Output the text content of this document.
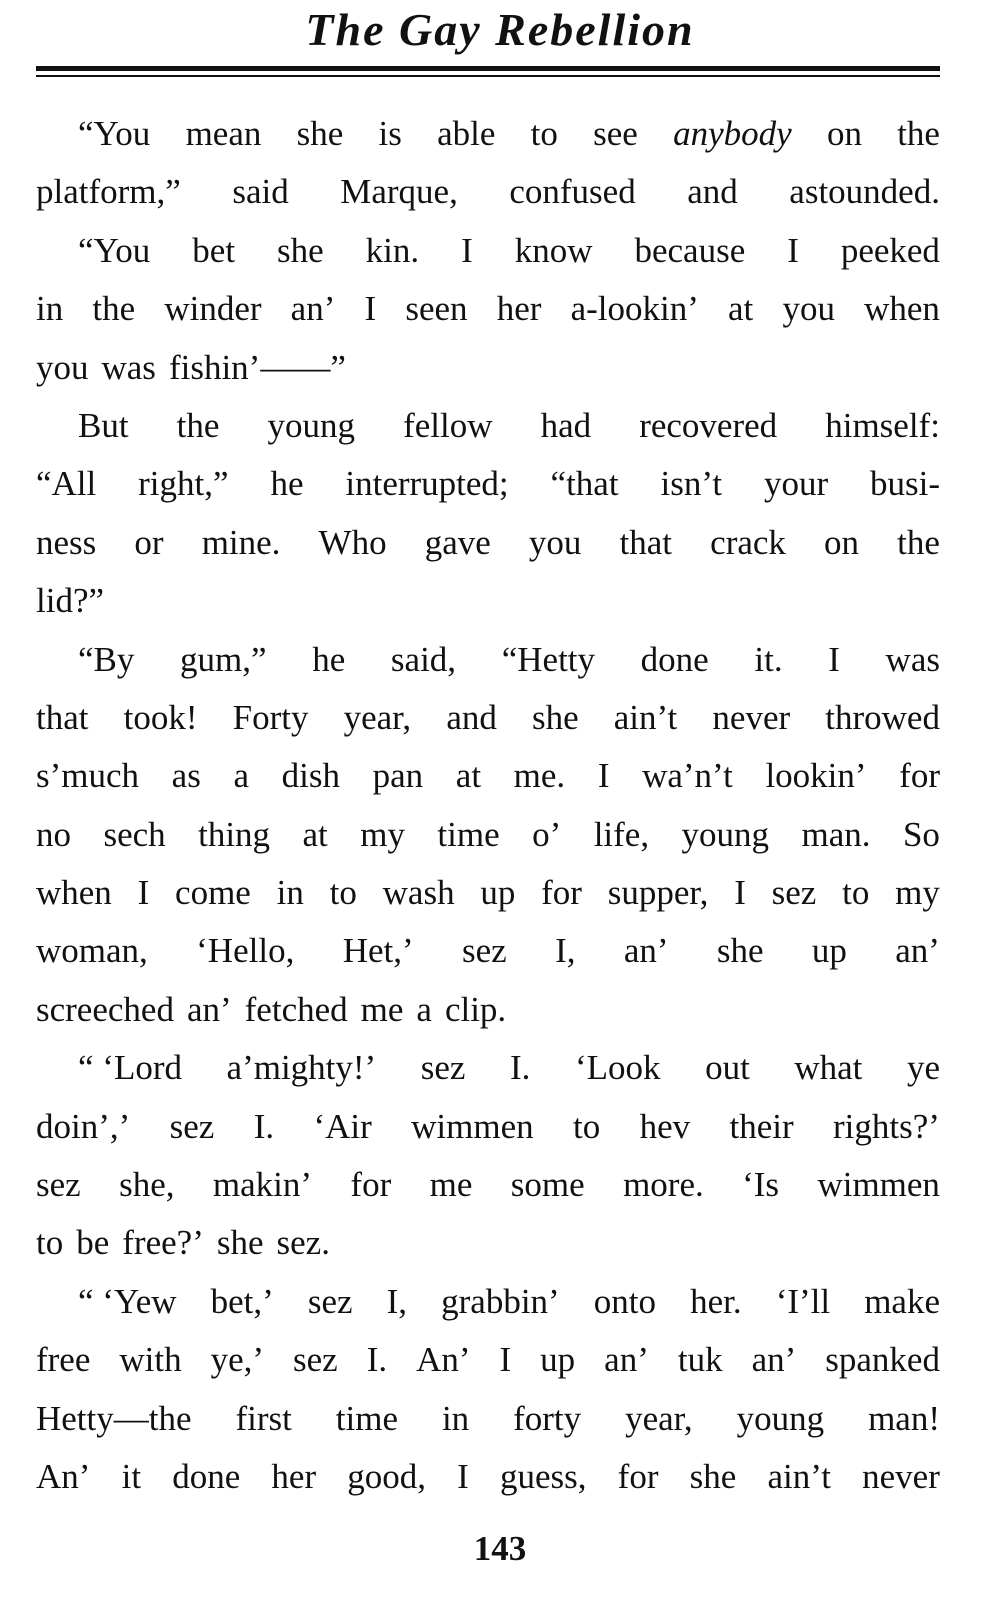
The Gay Rebellion
“You mean she is able to see anybody on the
platform,” said Marque, confused and astounded.
“You bet she kin. I know because I peeked
in the winder an’ I seen her a-lookin’ at you when
you was fishin’——”
But the young fellow had recovered himself:
“All right,” he interrupted; “that isn’t your busi-
ness or mine. Who gave you that crack on the
lid?”
“By gum,” he said, “Hetty done it. I was
that took! Forty year, and she ain’t never throwed
s’much as a dish pan at me. I wa’n’t lookin’ for
no sech thing at my time o’ life, young man. So
when I come in to wash up for supper, I sez to my
woman, ‘Hello, Het,’ sez I, an’ she up an’
screeched an’ fetched me a clip.
“ ‘Lord a’mighty!’ sez I. ‘Look out what ye
doin’,’ sez I. ‘Air wimmen to hev their rights?’
sez she, makin’ for me some more. ‘Is wimmen
to be free?’ she sez.
“ ‘Yew bet,’ sez I, grabbin’ onto her. ‘I’ll make
free with ye,’ sez I. An’ I up an’ tuk an’ spanked
Hetty—the first time in forty year, young man!
An’ it done her good, I guess, for she ain’t never
143
